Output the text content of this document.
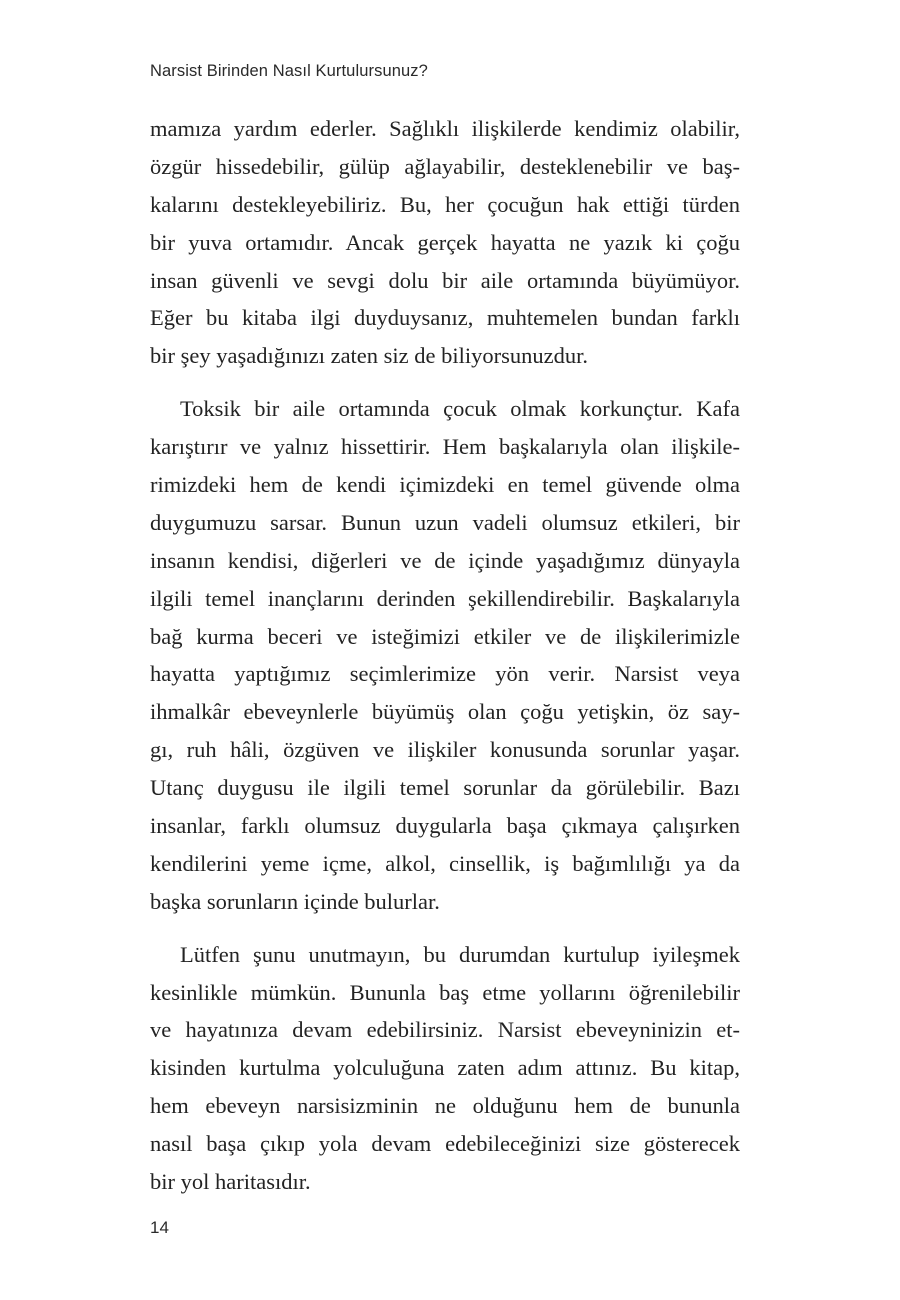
Narsist Birinden Nasıl Kurtulursunuz?
mamıza yardım ederler. Sağlıklı ilişkilerde kendimiz olabilir,
özgür hissedebilir, gülüp ağlayabilir, desteklenebilir ve baş-
kalarını destekleyebiliriz. Bu, her çocuğun hak ettiği türden
bir yuva ortamıdır. Ancak gerçek hayatta ne yazık ki çoğu
insan güvenli ve sevgi dolu bir aile ortamında büyümüyor.
Eğer bu kitaba ilgi duyduysanız, muhtemelen bundan farklı
bir şey yaşadığınızı zaten siz de biliyorsunuzdur.
Toksik bir aile ortamında çocuk olmak korkunçtur. Kafa
karıştırır ve yalnız hissettirir. Hem başkalarıyla olan ilişkile-
rimizdeki hem de kendi içimizdeki en temel güvende olma
duygumuzu sarsar. Bunun uzun vadeli olumsuz etkileri, bir
insanın kendisi, diğerleri ve de içinde yaşadığımız dünyayla
ilgili temel inançlarını derinden şekillendirebilir. Başkalarıyla
bağ kurma beceri ve isteğimizi etkiler ve de ilişkilerimizle
hayatta yaptığımız seçimlerimize yön verir. Narsist veya
ihmalkâr ebeveynlerle büyümüş olan çoğu yetişkin, öz say-
gı, ruh hâli, özgüven ve ilişkiler konusunda sorunlar yaşar.
Utanç duygusu ile ilgili temel sorunlar da görülebilir. Bazı
insanlar, farklı olumsuz duygularla başa çıkmaya çalışırken
kendilerini yeme içme, alkol, cinsellik, iş bağımlılığı ya da
başka sorunların içinde bulurlar.
Lütfen şunu unutmayın, bu durumdan kurtulup iyileşmek
kesinlikle mümkün. Bununla baş etme yollarını öğrenilebilir
ve hayatınıza devam edebilirsiniz. Narsist ebeveyninizin et-
kisinden kurtulma yolculuğuna zaten adım attınız. Bu kitap,
hem ebeveyn narsisizminin ne olduğunu hem de bununla
nasıl başa çıkıp yola devam edebileceğinizi size gösterecek
bir yol haritasıdır.
14
